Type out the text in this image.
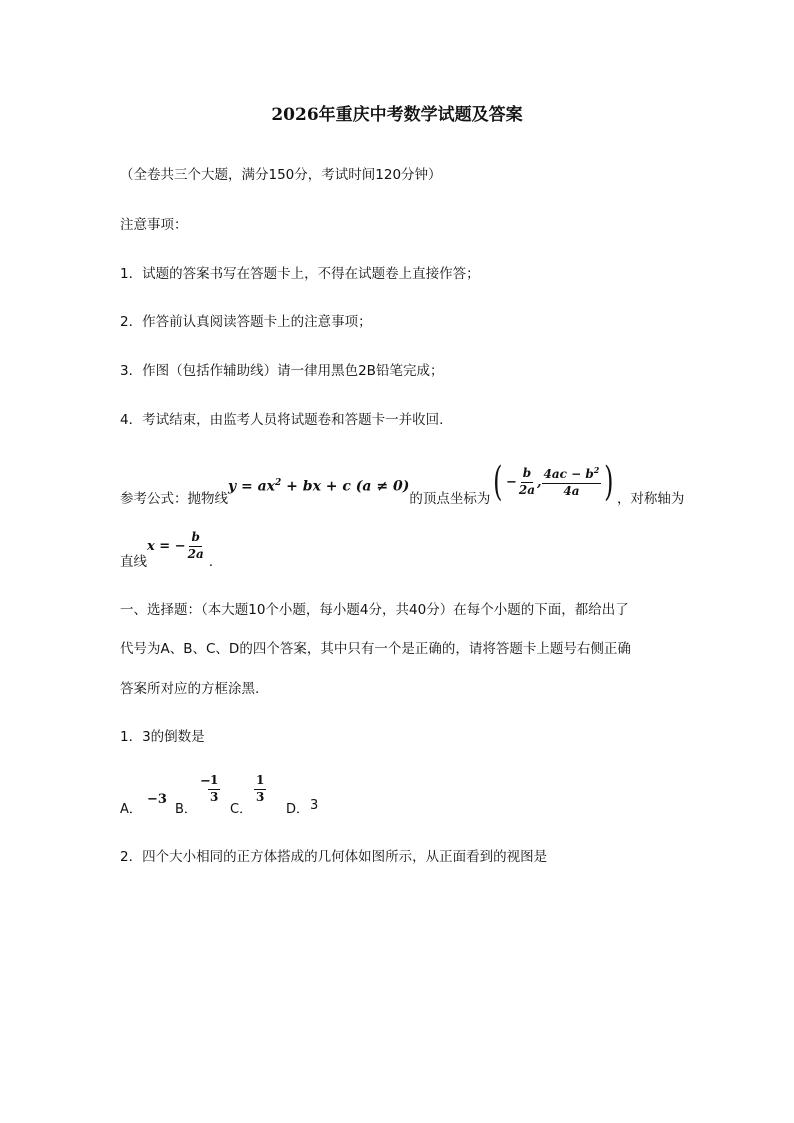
2026年重庆中考数学试题及答案
（全卷共三个大题，满分150分，考试时间120分钟）
注意事项：
1．试题的答案书写在答题卡上，不得在试题卷上直接作答；
2．作答前认真阅读答题卡上的注意事项；
3．作图（包括作辅助线）请一律用黑色2B铅笔完成；
4．考试结束，由监考人员将试题卷和答题卡一并收回.
参考公式：抛物线
$y = ax^2$ + bx + c (a ≠ 0)
的顶点坐标为 ( − $\frac{b}{2a}$ , $\frac{4ac - b^2}{4a}$ ) ，对称轴为
直线
x = − $\frac{b}{2a}$ .
一、选择题：（本大题10个小题，每小题4分，共40分）在每个小题的下面，都给出了
代号为A、B、C、D的四个答案，其中只有一个是正确的，请将答题卡上题号右侧正确
答案所对应的方框涂黑.
1．3的倒数是
A．
−3
B．
−
$\frac{1}{3}$
C．
$\frac{1}{3}$
D． 3
2．四个大小相同的正方体搭成的几何体如图所示，从正面看到的视图是
